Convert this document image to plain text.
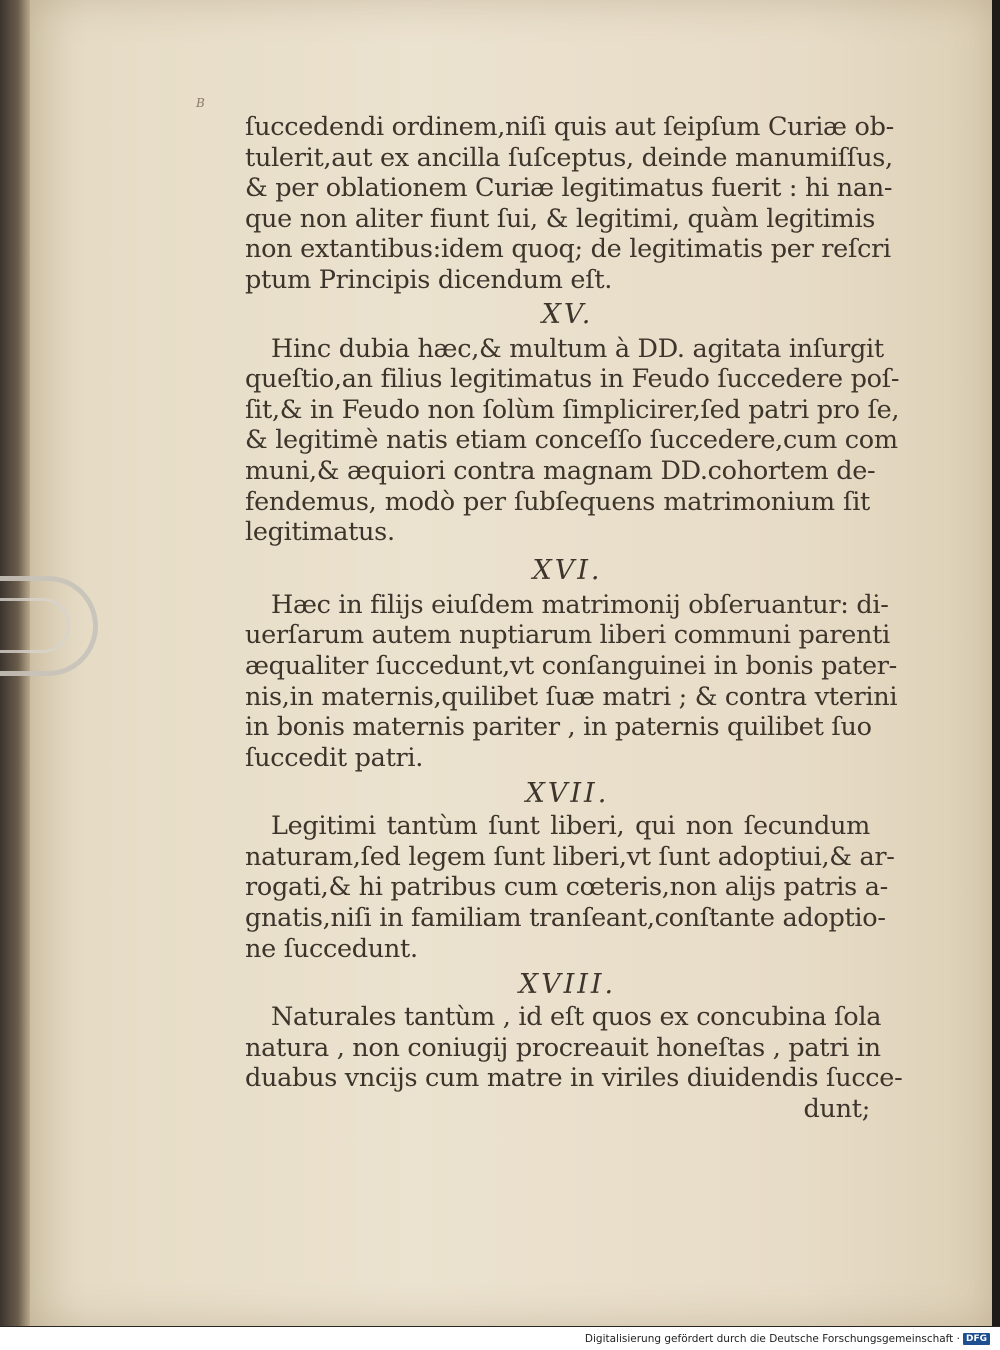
B
ſuccedendi ordinem,niſi quis aut ſeipſum Curiæ ob-
tulerit,aut ex ancilla ſuſceptus, deinde manumiſſus,
& per oblationem Curiæ legitimatus fuerit : hi nan-
que non aliter fiunt ſui, & legitimi, quàm legitimis
non extantibus:idem quoq; de legitimatis per reſcri
ptum Principis dicendum eſt.
XV.
Hinc dubia hæc,& multum à DD. agitata inſurgit
queſtio,an filius legitimatus in Feudo ſuccedere poſ-
ſit,& in Feudo non ſolùm ſimplicirer,ſed patri pro ſe,
& legitimè natis etiam conceſſo ſuccedere,cum com
muni,& æquiori contra magnam DD.cohortem de-
fendemus, modò per ſubſequens matrimonium ſit
legitimatus.
XVI.
Hæc in filijs eiuſdem matrimonij obſeruantur: di-
uerſarum autem nuptiarum liberi communi parenti
æqualiter ſuccedunt,vt conſanguinei in bonis pater-
nis,in maternis,quilibet ſuæ matri ; & contra vterini
in bonis maternis pariter , in paternis quilibet ſuo
ſuccedit patri.
XVII.
Legitimi tantùm ſunt liberi, qui non ſecundum
naturam,ſed legem ſunt liberi,vt ſunt adoptiui,& ar-
rogati,& hi patribus cum cœteris,non alijs patris a-
gnatis,niſi in familiam tranſeant,conſtante adoptio-
ne ſuccedunt.
XVIII.
Naturales tantùm , id eſt quos ex concubina ſola
natura , non coniugij procreauit honeſtas , patri in
duabus vncijs cum matre in viriles diuidendis ſucce-
dunt;
Digitalisierung gefördert durch die Deutsche Forschungsgemeinschaft · DFG
